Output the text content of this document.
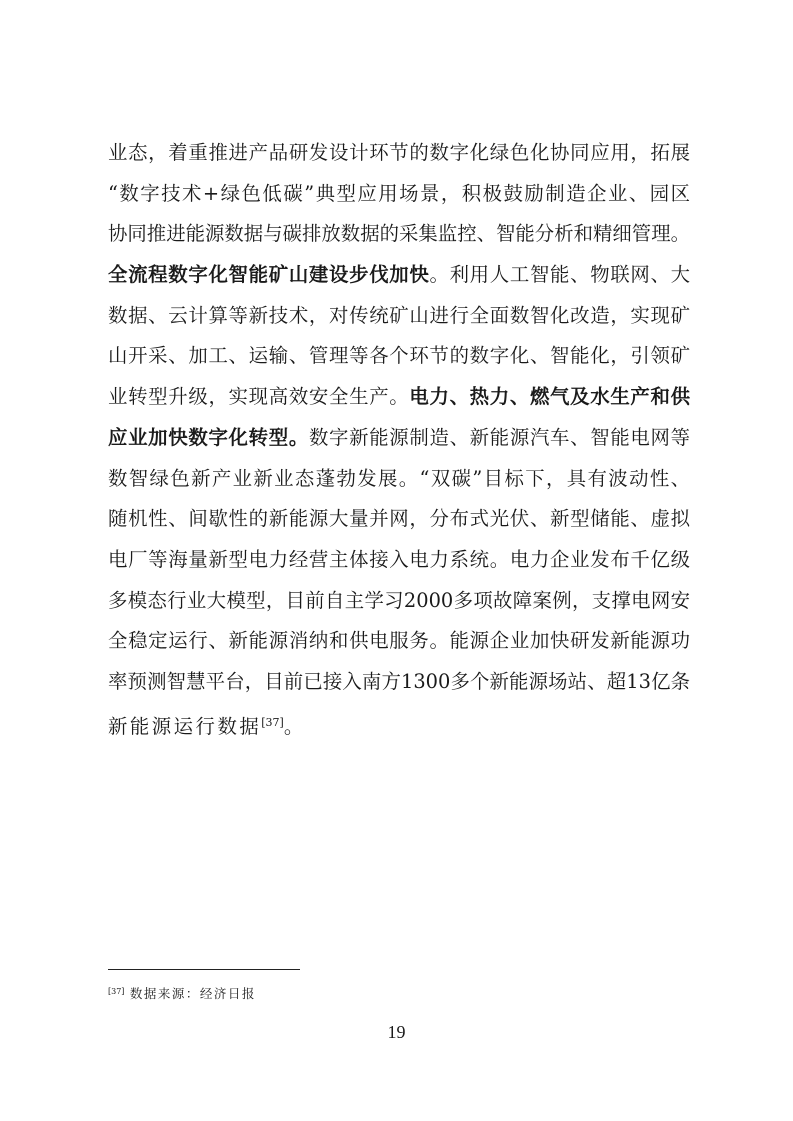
业态，着重推进产品研发设计环节的数字化绿色化协同应用，拓展
“数字技术+绿色低碳”典型应用场景，积极鼓励制造企业、园区
协同推进能源数据与碳排放数据的采集监控、智能分析和精细管理。
全流程数字化智能矿山建设步伐加快。利用人工智能、物联网、大
数据、云计算等新技术，对传统矿山进行全面数智化改造，实现矿
山开采、加工、运输、管理等各个环节的数字化、智能化，引领矿
业转型升级，实现高效安全生产。电力、热力、燃气及水生产和供
应业加快数字化转型。数字新能源制造、新能源汽车、智能电网等
数智绿色新产业新业态蓬勃发展。“双碳”目标下，具有波动性、
随机性、间歇性的新能源大量并网，分布式光伏、新型储能、虚拟
电厂等海量新型电力经营主体接入电力系统。电力企业发布千亿级
多模态行业大模型，目前自主学习2000多项故障案例，支撑电网安
全稳定运行、新能源消纳和供电服务。能源企业加快研发新能源功
率预测智慧平台，目前已接入南方1300多个新能源场站、超13亿条
新能源运行数据[37]。
[37] 数据来源：经济日报
19
